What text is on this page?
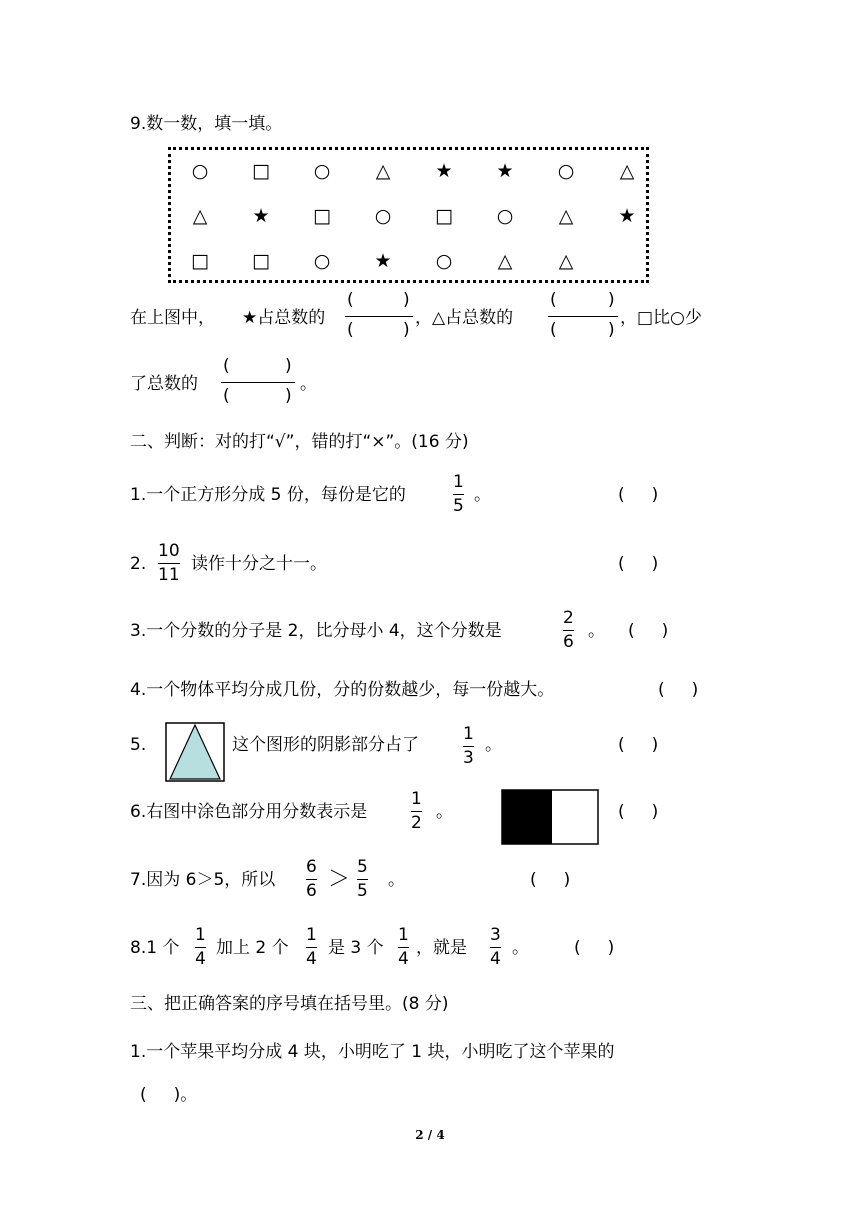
9.数一数，填一填。
○ □ ○ △ ★ ★ ○ △
△ ★ □ ○ □ ○ △ ★
□ □ ○ ★ ○ △ △
在上图中， ★占总数的
(	)
(	)
，△占总数的
(	)
(	)
，□比○少
了总数的
(	)
(	)
。
二、判断：对的打“√”，错的打“×”。(16 分)
1.一个正方形分成 5 份，每份是它的
1
5
。	(     )
2.
10
11
读作十分之十一。	(     )
3.一个分数的分子是 2，比分母小 4，这个分数是
2
6
。 (     )
4.一个物体平均分成几份，分的份数越少，每一份越大。	(     )
5.	这个图形的阴影部分占了
1
3
。	(     )
6.右图中涂色部分用分数表示是
1
2
。	(     )
7.因为 6＞5，所以
6
6 ＞ 5
5
。	(     )
8.1 个
1
4
加上 2 个
1
4
是 3 个
1
4
，就是
3
4
。	(     )
三、把正确答案的序号填在括号里。(8 分)
1.一个苹果平均分成 4 块，小明吃了 1 块，小明吃了这个苹果的
(     )。
2 / 4
